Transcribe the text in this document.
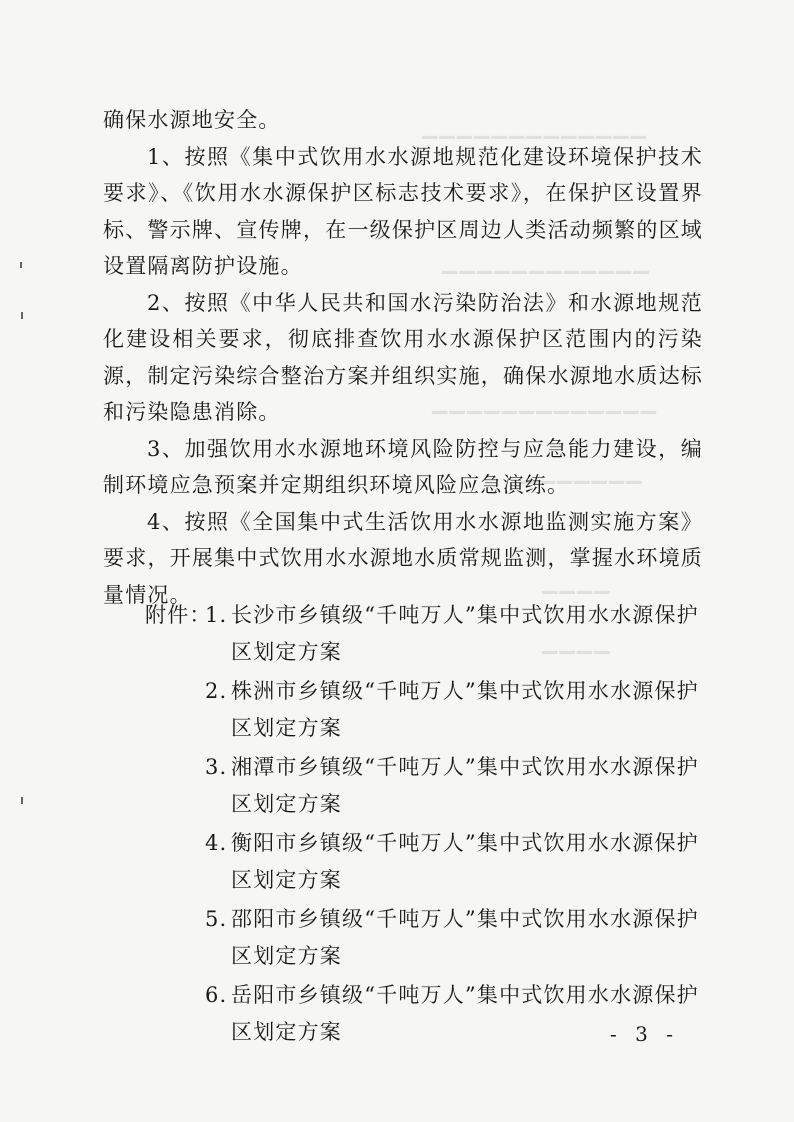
▁▁▁▁▁▁▁▁▁▁▁▁▁
▁▁▁▁▁▁▁▁▁▁▁▁
▁▁▁▁▁▁▁▁▁▁▁▁▁
▁▁▁▁▁▁▁
▁▁▁▁
▁▁▁▁

确保水源地安全。

1、按照《集中式饮用水水源地规范化建设环境保护技术要求》、《饮用水水源保护区标志技术要求》，在保护区设置界标、警示牌、宣传牌，在一级保护区周边人类活动频繁的区域设置隔离防护设施。

2、按照《中华人民共和国水污染防治法》和水源地规范化建设相关要求，彻底排查饮用水水源保护区范围内的污染源，制定污染综合整治方案并组织实施，确保水源地水质达标和污染隐患消除。

3、加强饮用水水源地环境风险防控与应急能力建设，编制环境应急预案并定期组织环境风险应急演练。

4、按照《全国集中式生活饮用水水源地监测实施方案》要求，开展集中式饮用水水源地水质常规监测，掌握水环境质量情况。

附件：
1. 长沙市乡镇级“千吨万人”集中式饮用水水源保护区划定方案
2. 株洲市乡镇级“千吨万人”集中式饮用水水源保护区划定方案
3. 湘潭市乡镇级“千吨万人”集中式饮用水水源保护区划定方案
4. 衡阳市乡镇级“千吨万人”集中式饮用水水源保护区划定方案
5. 邵阳市乡镇级“千吨万人”集中式饮用水水源保护区划定方案
6. 岳阳市乡镇级“千吨万人”集中式饮用水水源保护区划定方案	- 3 -
